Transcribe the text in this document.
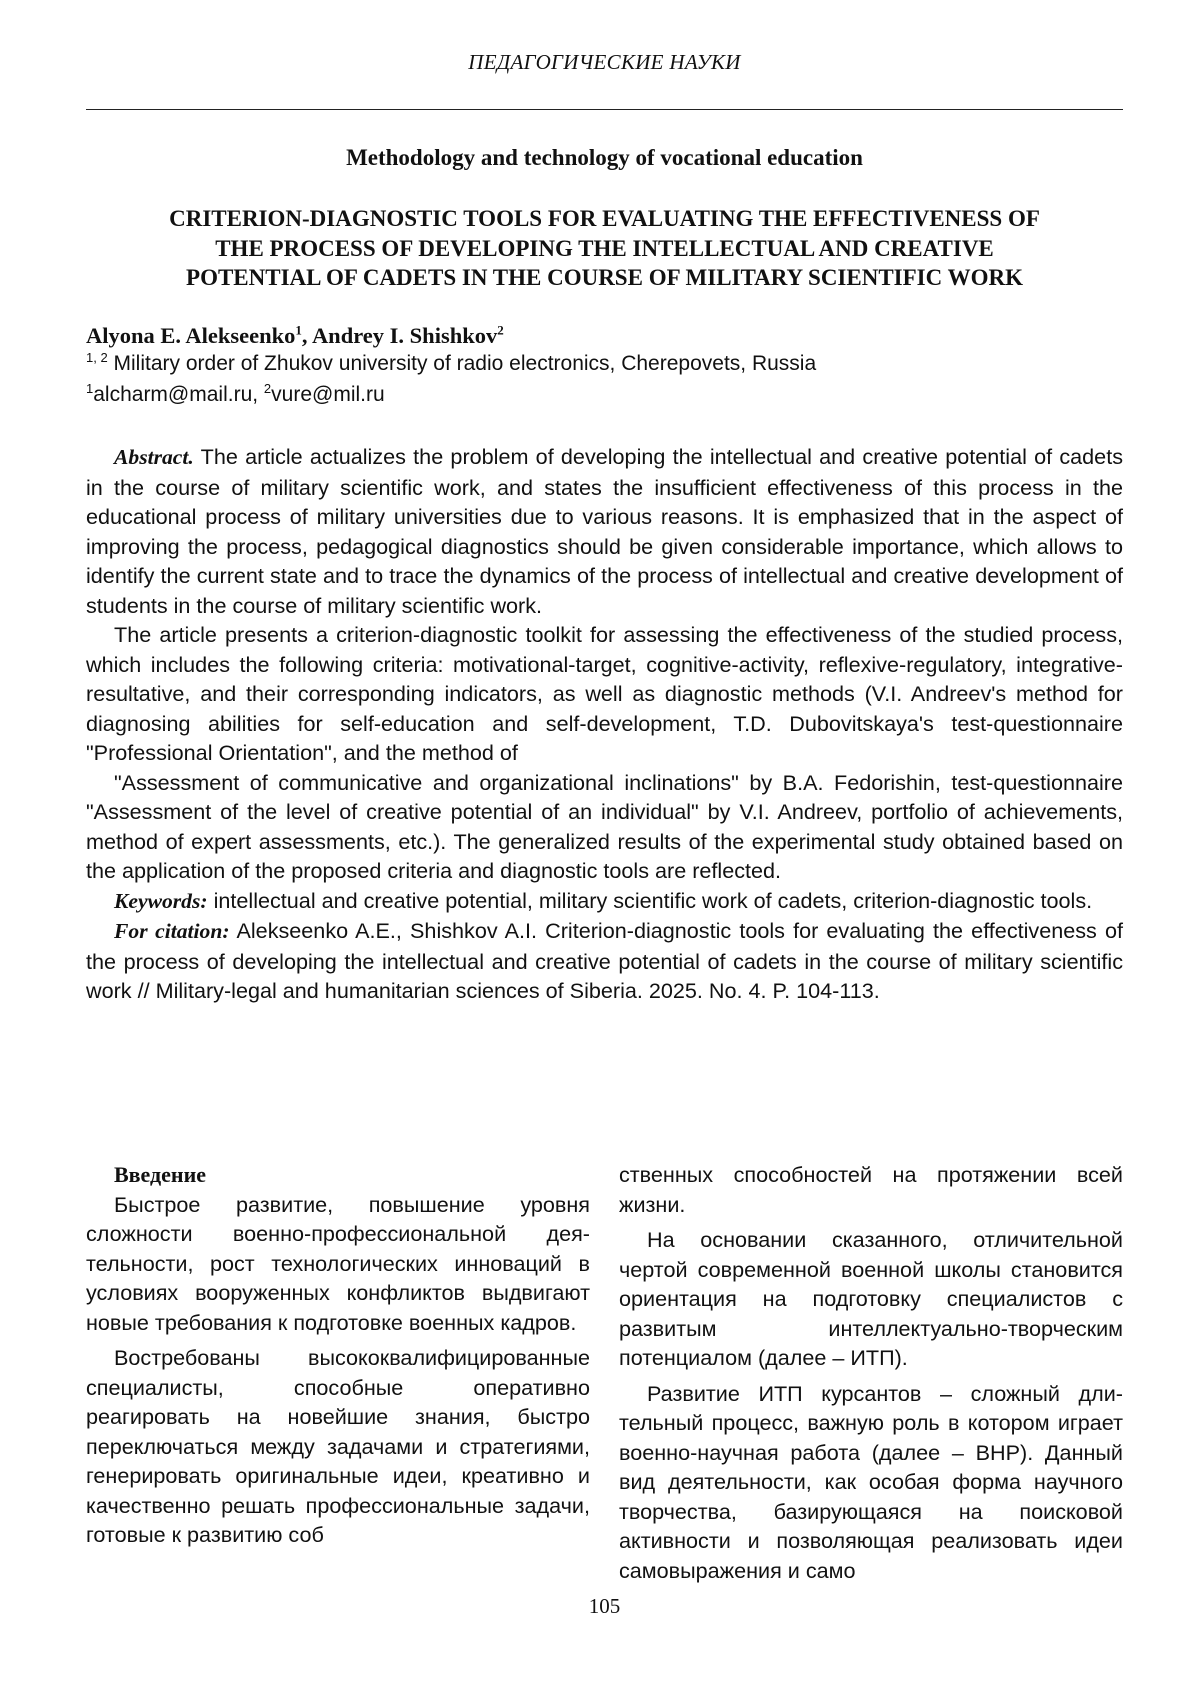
ПЕДАГОГИЧЕСКИЕ НАУКИ
Methodology and technology of vocational education
CRITERION-DIAGNOSTIC TOOLS FOR EVALUATING THE EFFECTIVENESS OF
THE PROCESS OF DEVELOPING THE INTELLECTUAL AND CREATIVE
POTENTIAL OF CADETS IN THE COURSE OF MILITARY SCIENTIFIC WORK
Alyona E. Alekseenko$^1$, Andrey I. Shishkov$^2$
$^{1, 2}$ Military order of Zhukov university of radio electronics, Cherepovets, Russia
$^1$alcharm@mail.ru, $^2$vure@mil.ru

Abstract. The article actualizes the problem of developing the intellectual and creative potential of cadets in the course of military scientific work, and states the insufficient effectiveness of this process in the educational process of military universities due to various reasons. It is emphasized that in the aspect of improving the process, pedagogical diagnostics should be given considerable importance, which allows to identify the current state and to trace the dynamics of the process of intellectual and creative development of students in the course of military scientific work.

The article presents a criterion-diagnostic toolkit for assessing the effectiveness of the studied process, which includes the following criteria: motivational-target, cognitive-activity, reflexive-regulatory, integrative-resultative, and their corresponding indicators, as well as diagnostic methods (V.I. Andreev's method for diagnosing abilities for self-education and self-development, T.D. Dubovitskaya's test-questionnaire "Professional Orientation", and the method of

"Assessment of communicative and organizational inclinations" by B.A. Fedorishin, test-questionnaire "Assessment of the level of creative potential of an individual" by V.I. Andreev, portfolio of achievements, method of expert assessments, etc.). The generalized results of the experimental study obtained based on the application of the proposed criteria and diagnostic tools are reflected.

Keywords: intellectual and creative potential, military scientific work of cadets, criterion-diagnostic tools.

For citation: Alekseenko A.E., Shishkov A.I. Criterion-diagnostic tools for evaluating the effectiveness of the process of developing the intellectual and creative potential of cadets in the course of military scientific work // Military-legal and humanitarian sciences of Siberia. 2025. No. 4. P. 104-113.

Введение

Быстрое развитие, повышение уровня сложности военно-профессиональной деятельности, рост технологических инноваций в условиях вооруженных конфликтов выдвигают новые требования к подготовке военных кадров.

Востребованы высококвалифицированные специалисты, способные оперативно реагировать на новейшие знания, быстро переключаться между задачами и стратегиями, генерировать оригинальные идеи, креативно и качественно решать профессиональные задачи, готовые к развитию соб

ственных способностей на протяжении всей жизни.

На основании сказанного, отличительной чертой современной военной школы становится ориентация на подготовку специалистов с развитым интеллектуально-творческим потенциалом (далее – ИТП).

Развитие ИТП курсантов – сложный длительный процесс, важную роль в котором играет военно-научная работа (далее – ВНР). Данный вид деятельности, как особая форма научного творчества, базирующаяся на поисковой активности и позволяющая реализовать идеи самовыражения и само

105
